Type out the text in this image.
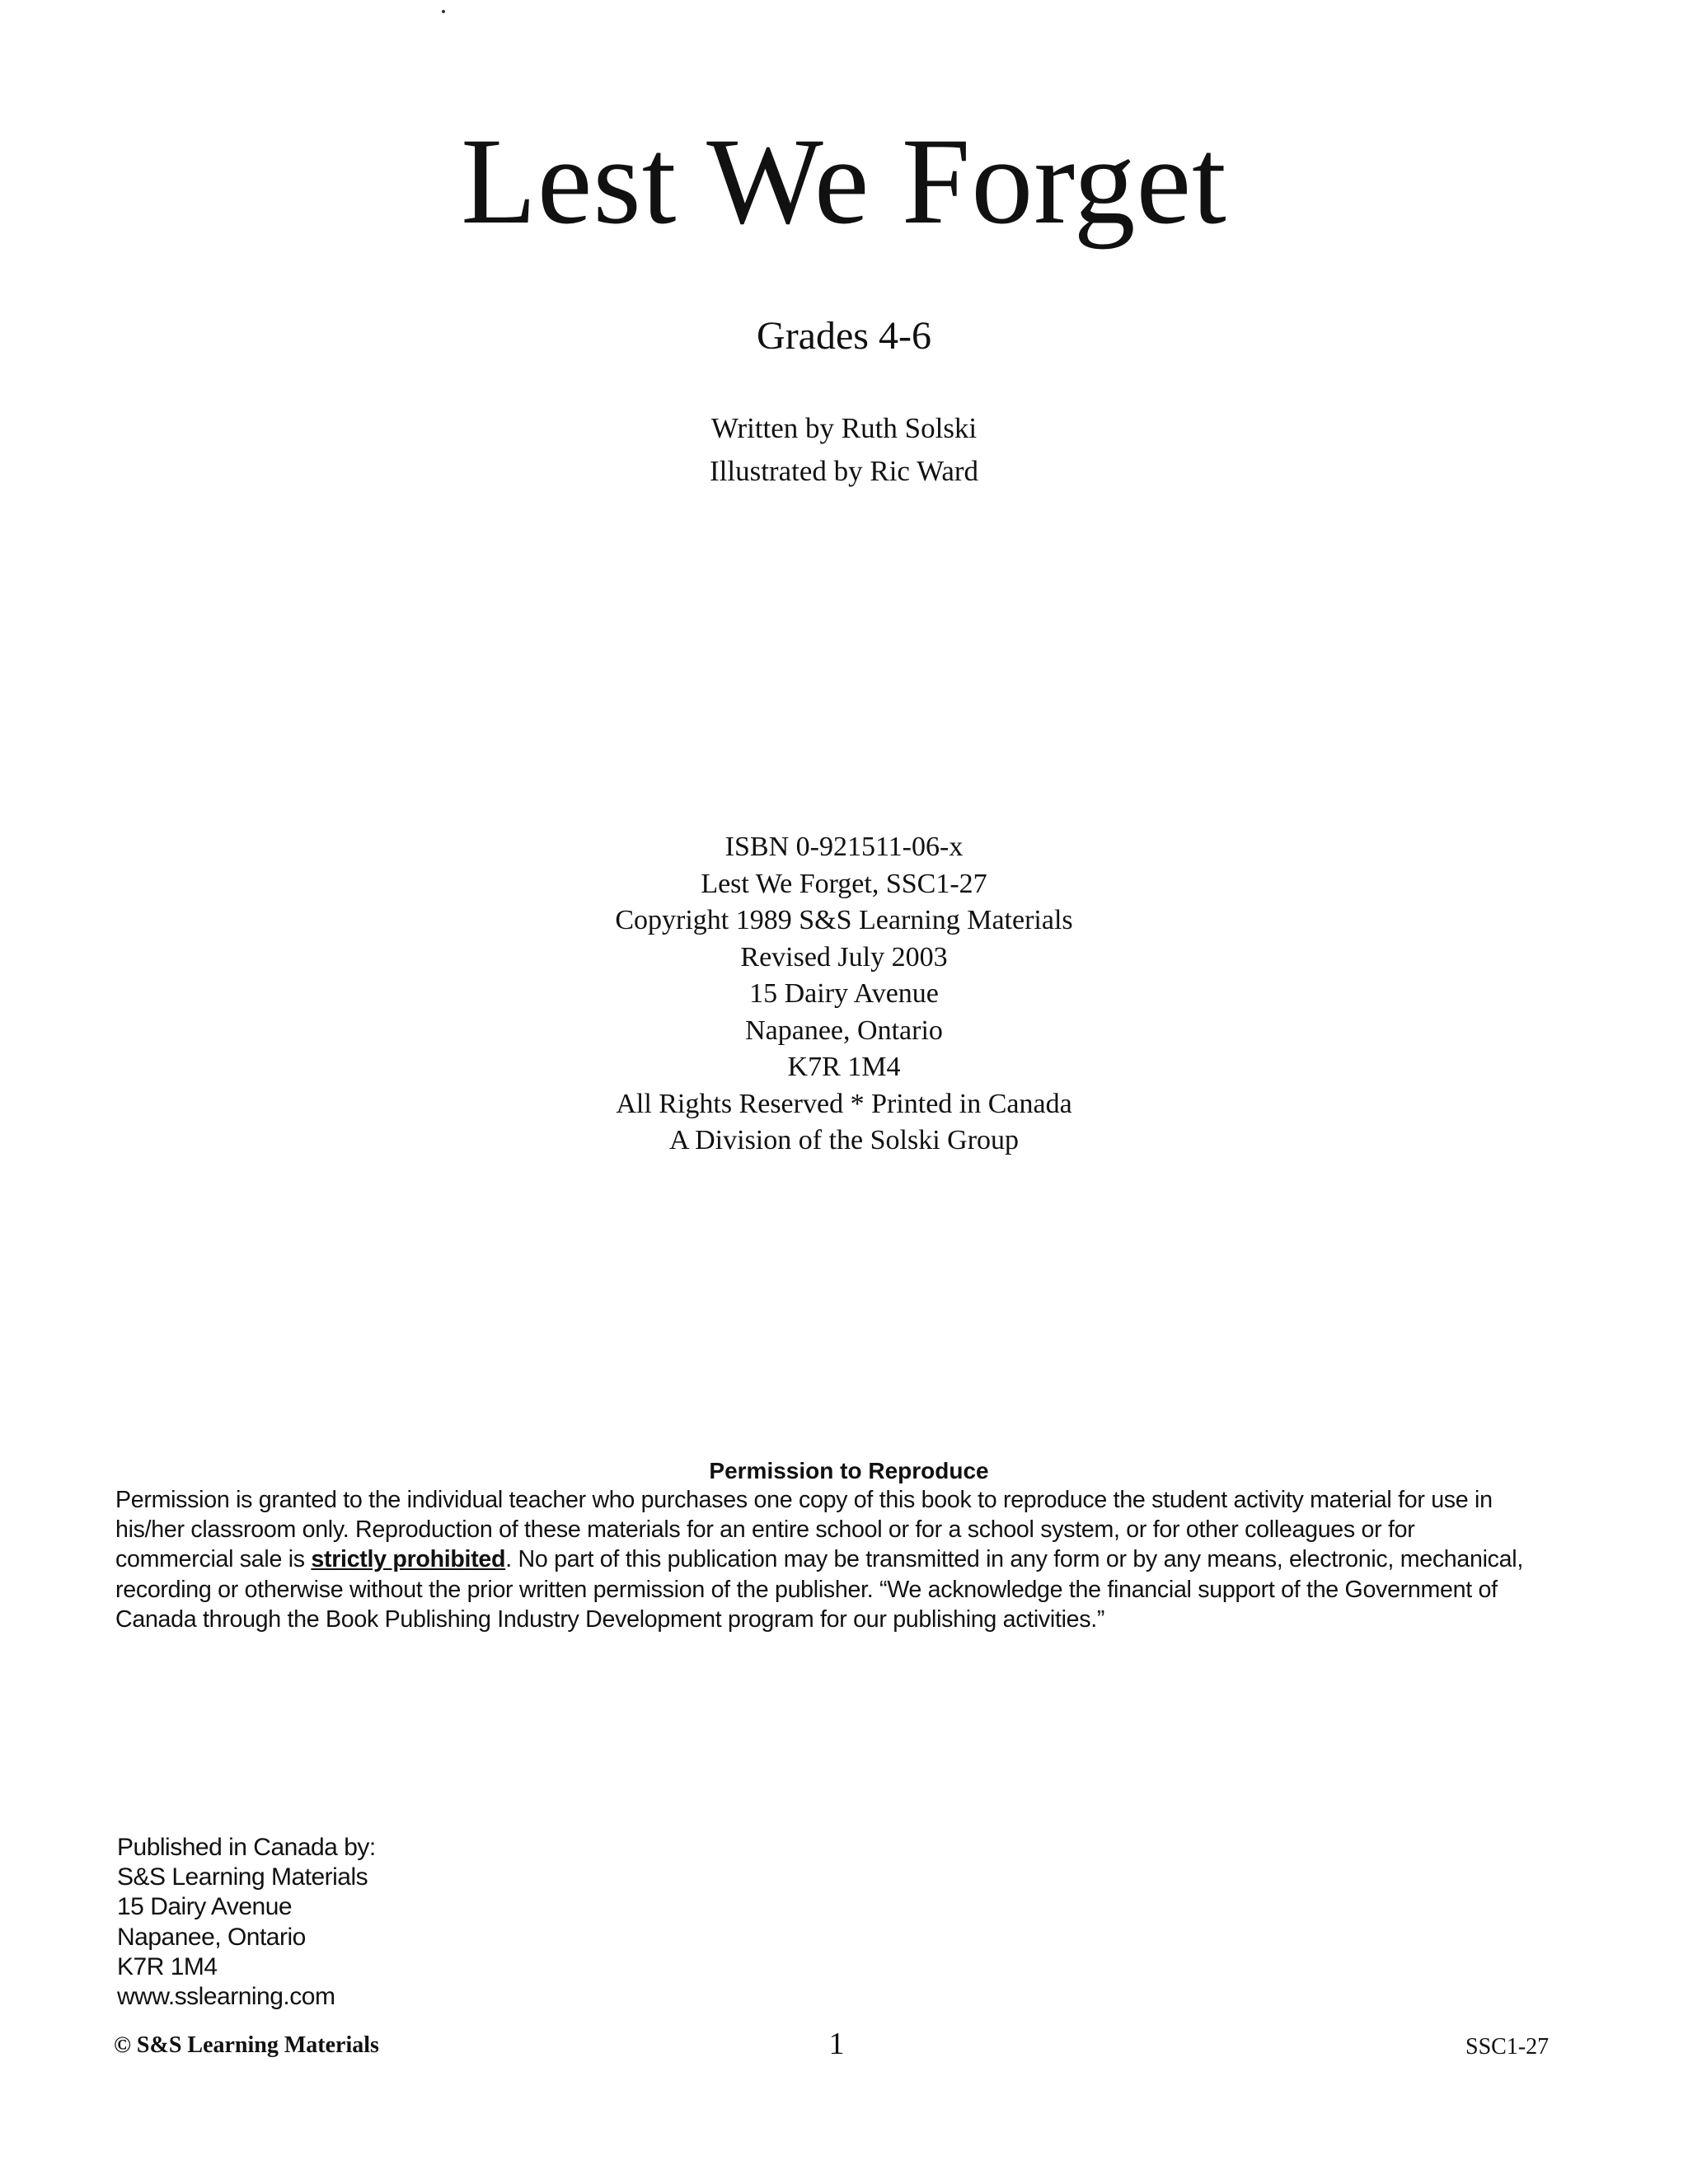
Lest We Forget
Grades 4-6
Written by Ruth Solski
Illustrated by Ric Ward
ISBN 0-921511-06-x
Lest We Forget, SSC1-27
Copyright 1989 S&S Learning Materials
Revised July 2003
15 Dairy Avenue
Napanee, Ontario
K7R 1M4
All Rights Reserved * Printed in Canada
A Division of the Solski Group
Permission to Reproduce

Permission is granted to the individual teacher who purchases one copy of this book to reproduce the student activity material for use in his/her classroom only. Reproduction of these materials for an entire school or for a school system, or for other colleagues or for commercial sale is strictly prohibited. No part of this publication may be transmitted in any form or by any means, electronic, mechanical, recording or otherwise without the prior written permission of the publisher. “We acknowledge the financial support of the Government of Canada through the Book Publishing Industry Development program for our publishing activities.”

Published in Canada by:
S&S Learning Materials
15 Dairy Avenue
Napanee, Ontario
K7R 1M4
www.sslearning.com
© S&S Learning Materials	1	SSC1-27
